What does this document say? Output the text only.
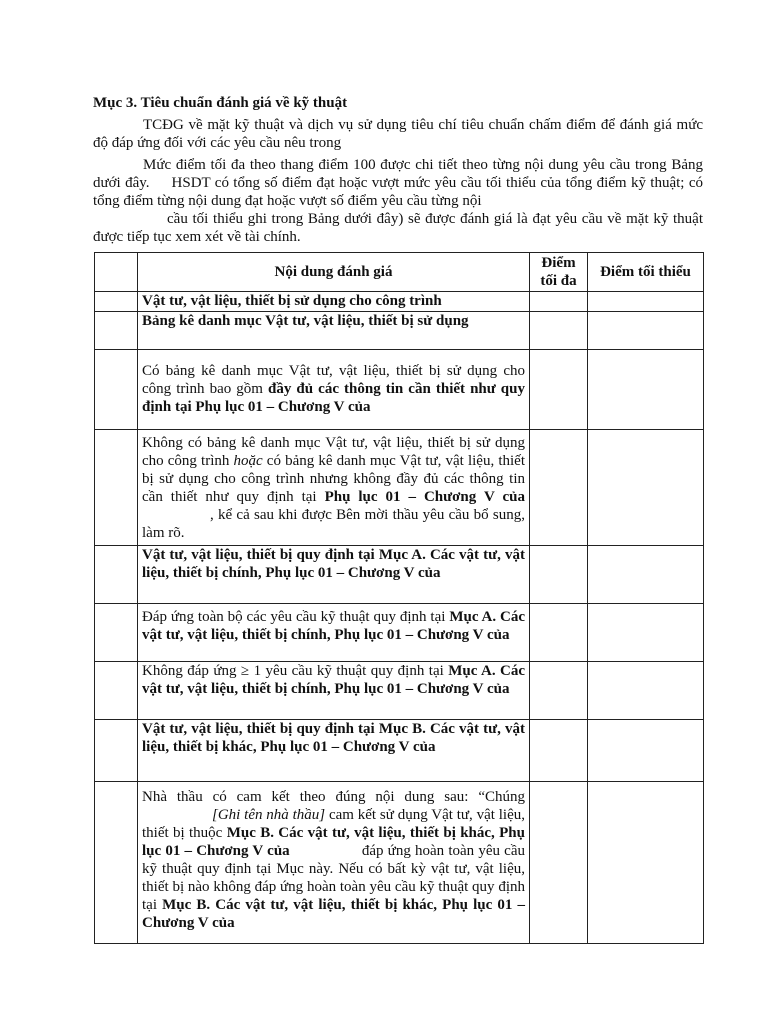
Mục 3. Tiêu chuẩn đánh giá về kỹ thuật

TCĐG về mặt kỹ thuật và dịch vụ sử dụng tiêu chí tiêu chuẩn chấm điểm để đánh giá mức độ đáp ứng đối với các yêu cầu nêu trong

Mức điểm tối đa theo thang điểm 100 được chi tiết theo từng nội dung yêu cầu trong Bảng dưới đây. HSDT có tổng số điểm đạt hoặc vượt mức yêu cầu tối thiểu của tổng điểm kỹ thuật; có tổng điểm từng nội dung đạt hoặc vượt số điểm yêu cầu từng nội
cầu tối thiểu ghi trong Bảng dưới đây) sẽ được đánh giá là đạt yêu cầu về mặt kỹ thuật được tiếp tục xem xét về tài chính.

	Nội dung đánh giá	Điểm tối đa	Điểm tối thiểu
	Vật tư, vật liệu, thiết bị sử dụng cho công trình		
	Bảng kê danh mục Vật tư, vật liệu, thiết bị sử dụng		
	Có bảng kê danh mục Vật tư, vật liệu, thiết bị sử dụng cho công trình bao gồm đầy đủ các thông tin cần thiết như quy định tại Phụ lục 01 – Chương V của		
	Không có bảng kê danh mục Vật tư, vật liệu, thiết bị sử dụng cho công trình hoặc có bảng kê danh mục Vật tư, vật liệu, thiết bị sử dụng cho công trình nhưng không đầy đủ các thông tin cần thiết như quy định tại Phụ lục 01 – Chương V của, kể cả sau khi được Bên mời thầu yêu cầu bổ sung, làm rõ.		
	Vật tư, vật liệu, thiết bị quy định tại Mục A. Các vật tư, vật liệu, thiết bị chính, Phụ lục 01 – Chương V của		
	Đáp ứng toàn bộ các yêu cầu kỹ thuật quy định tại Mục A. Các vật tư, vật liệu, thiết bị chính, Phụ lục 01 – Chương V của		
	Không đáp ứng ≥ 1 yêu cầu kỹ thuật quy định tại Mục A. Các vật tư, vật liệu, thiết bị chính, Phụ lục 01 – Chương V của		
	Vật tư, vật liệu, thiết bị quy định tại Mục B. Các vật tư, vật liệu, thiết bị khác, Phụ lục 01 – Chương V của		
	Nhà thầu có cam kết theo đúng nội dung sau: “Chúng [Ghi tên nhà thầu] cam kết sử dụng Vật tư, vật liệu, thiết bị thuộc Mục B. Các vật tư, vật liệu, thiết bị khác, Phụ lục 01 – Chương V của đáp ứng hoàn toàn yêu cầu kỹ thuật quy định tại Mục này. Nếu có bất kỳ vật tư, vật liệu, thiết bị nào không đáp ứng hoàn toàn yêu cầu kỹ thuật quy định tại Mục B. Các vật tư, vật liệu, thiết bị khác, Phụ lục 01 – Chương V của		
